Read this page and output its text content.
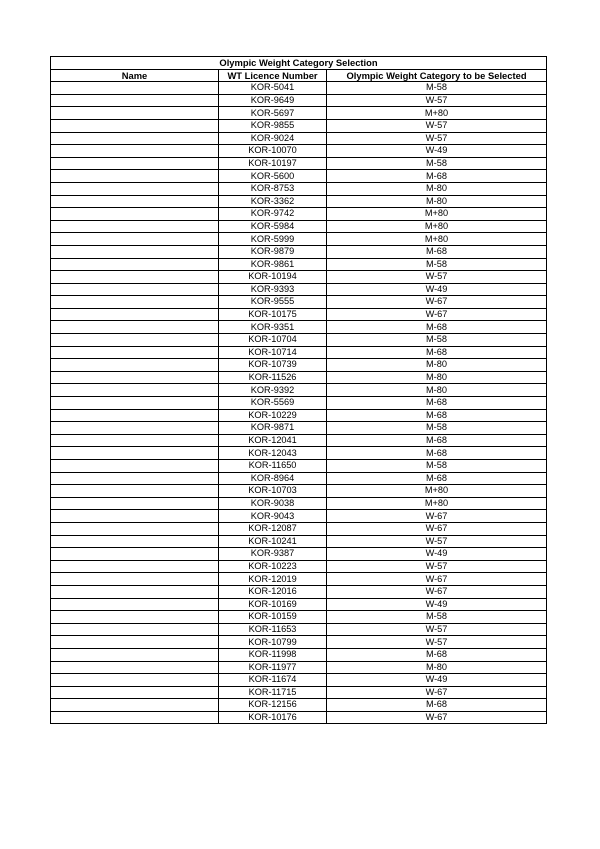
Olympic Weight Category Selection		
Name	WT Licence Number	Olympic Weight Category to be Selected
	KOR-5041	M-58
	KOR-9649	W-57
	KOR-5697	M+80
	KOR-9855	W-57
	KOR-9024	W-57
	KOR-10070	W-49
	KOR-10197	M-58
	KOR-5600	M-68
	KOR-8753	M-80
	KOR-3362	M-80
	KOR-9742	M+80
	KOR-5984	M+80
	KOR-5999	M+80
	KOR-9879	M-68
	KOR-9861	M-58
	KOR-10194	W-57
	KOR-9393	W-49
	KOR-9555	W-67
	KOR-10175	W-67
	KOR-9351	M-68
	KOR-10704	M-58
	KOR-10714	M-68
	KOR-10739	M-80
	KOR-11526	M-80
	KOR-9392	M-80
	KOR-5569	M-68
	KOR-10229	M-68
	KOR-9871	M-58
	KOR-12041	M-68
	KOR-12043	M-68
	KOR-11650	M-58
	KOR-8964	M-68
	KOR-10703	M+80
	KOR-9038	M+80
	KOR-9043	W-67
	KOR-12087	W-67
	KOR-10241	W-57
	KOR-9387	W-49
	KOR-10223	W-57
	KOR-12019	W-67
	KOR-12016	W-67
	KOR-10169	W-49
	KOR-10159	M-58
	KOR-11653	W-57
	KOR-10799	W-57
	KOR-11998	M-68
	KOR-11977	M-80
	KOR-11674	W-49
	KOR-11715	W-67
	KOR-12156	M-68
	KOR-10176	W-67
